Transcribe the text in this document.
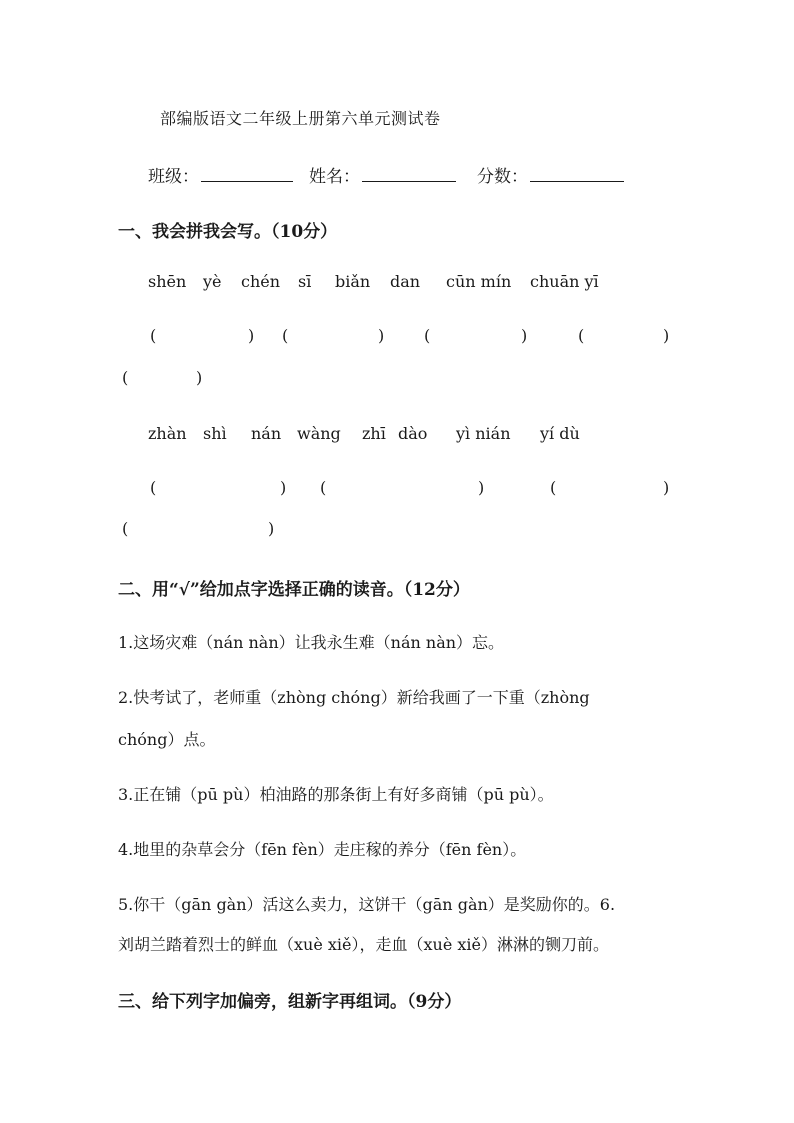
部编版语文二年级上册第六单元测试卷
班级：	姓名：	分数：
一、我会拼我会写。（10分）
shēn yè chén sī biǎn dan cūn mín chuān yī
(	) (	) (	)	(	)
(	)
zhàn shì nán wàng zhī dào yì nián yí dù
(	) (	)	(	)
(	)
二、用“√”给加点字选择正确的读音。（12分）
1.这场灾难（nán nàn）让我永生难（nán nàn）忘。
2.快考试了，老师重（zhòng chóng）新给我画了一下重（zhòng
chóng）点。
3.正在铺（pū pù）柏油路的那条街上有好多商铺（pū pù）。
4.地里的杂草会分（fēn fèn）走庄稼的养分（fēn fèn）。
5.你干（gān gàn）活这么卖力，这饼干（gān gàn）是奖励你的。6.
刘胡兰踏着烈士的鲜血（xuè xiě），走血（xuè xiě）淋淋的铡刀前。
三、给下列字加偏旁，组新字再组词。（9分）
